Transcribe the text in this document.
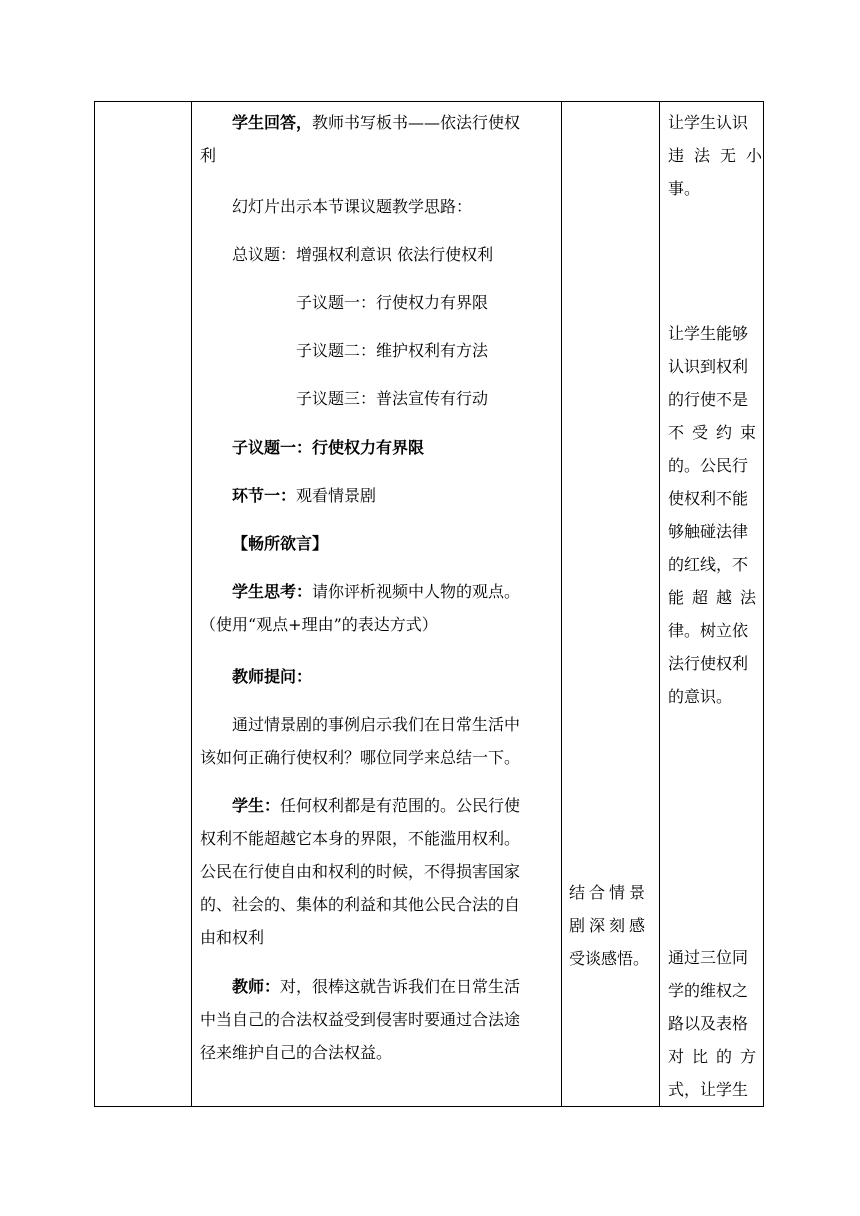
学生回答，教师书写板书——依法行使权
利
幻灯片出示本节课议题教学思路：
总议题：增强权利意识 依法行使权利
子议题一：行使权力有界限
子议题二：维护权利有方法
子议题三：普法宣传有行动
子议题一：行使权力有界限
环节一：观看情景剧
【畅所欲言】
学生思考：请你评析视频中人物的观点。
（使用“观点+理由”的表达方式）
教师提问：
通过情景剧的事例启示我们在日常生活中
该如何正确行使权利？哪位同学来总结一下。
学生：任何权利都是有范围的。公民行使
权利不能超越它本身的界限，不能滥用权利。
公民在行使自由和权利的时候，不得损害国家
的、社会的、集体的利益和其他公民合法的自
由和权利
教师：对，很棒这就告诉我们在日常生活
中当自己的合法权益受到侵害时要通过合法途
径来维护自己的合法权益。
结合情景
剧深刻感
受谈感悟。
让学生认识
违法无小
事。
让学生能够
认识到权利
的行使不是
不受约束
的。公民行
使权利不能
够触碰法律
的红线，不
能超越法
律。树立依
法行使权利
的意识。
通过三位同
学的维权之
路以及表格
对比的方
式，让学生
